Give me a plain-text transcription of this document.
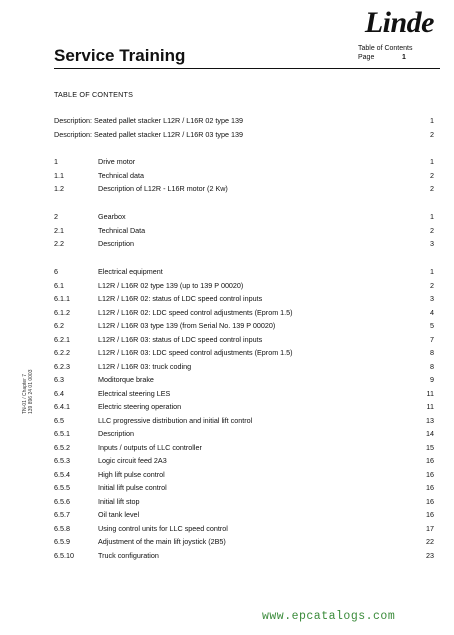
Linde
Service Training	Table of Contents
Page	1
TABLE OF CONTENTS
Description: Seated pallet stacker L12R / L16R 02 type 139	1
Description: Seated pallet stacker L12R / L16R 03 type 139	2
1	Drive motor	1
1.1	Technical data	2
1.2	Description of L12R - L16R motor (2 Kw)	2
2	Gearbox	1
2.1	Technical Data	2
2.2	Description	3
6	Electrical equipment	1
6.1	L12R / L16R 02 type 139 (up to 139 P 00020)	2
6.1.1	L12R / L16R 02: status of LDC speed control inputs	3
6.1.2	L12R / L16R 02: LDC speed control adjustments (Eprom 1.5)	4
6.2	L12R / L16R 03 type 139 (from Serial No. 139 P 00020)	5
6.2.1	L12R / L16R 03: status of LDC speed control inputs	7
6.2.2	L12R / L16R 03: LDC speed control adjustments (Eprom 1.5)	8
6.2.3	L12R / L16R 03: truck coding	8
6.3	Moditorque brake	9
6.4	Electrical steering LES	11
6.4.1	Electric steering operation	11
6.5	LLC progressive distribution and initial lift control	13
6.5.1	Description	14
6.5.2	Inputs / outputs of LLC controller	15
6.5.3	Logic circuit feed 2A3	16
6.5.4	High lift pulse control	16
6.5.5	Initial lift pulse control	16
6.5.6	Initial lift stop	16
6.5.7	Oil tank level	16
6.5.8	Using control units for LLC speed control	17
6.5.9	Adjustment of the main lift joystick (2B5)	22
6.5.10	Truck configuration	23
TN-01 / Chapter 7 139 896 24 01 0003
www.epcatalogs.com
